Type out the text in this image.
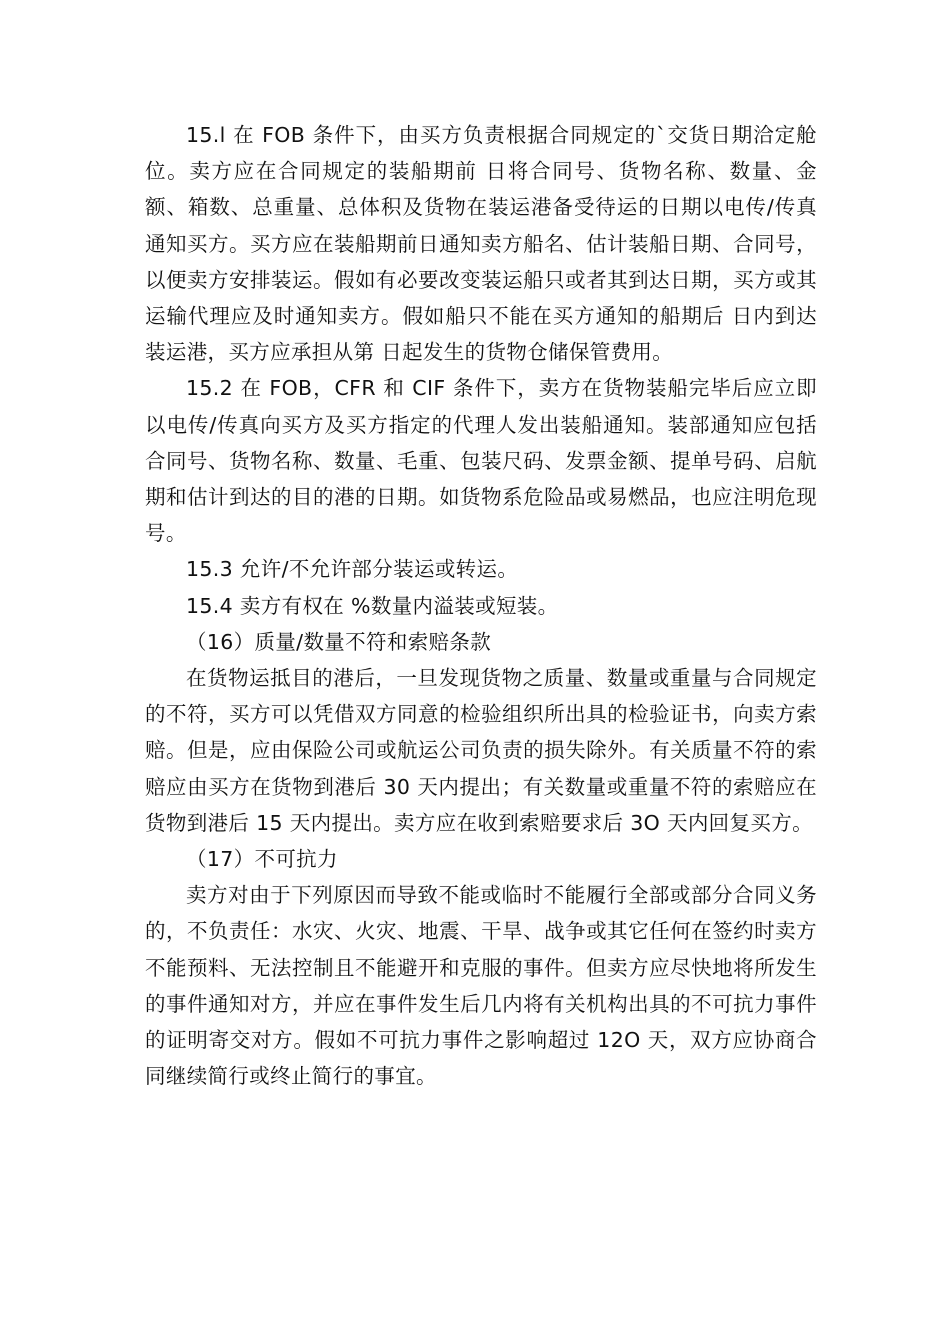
15.l 在 FOB 条件下，由买方负责根据合同规定的`交货日期洽定舱位。卖方应在合同规定的装船期前 日将合同号、货物名称、数量、金额、箱数、总重量、总体积及货物在装运港备受待运的日期以电传/传真通知买方。买方应在装船期前日通知卖方船名、估计装船日期、合同号，以便卖方安排装运。假如有必要改变装运船只或者其到达日期，买方或其运输代理应及时通知卖方。假如船只不能在买方通知的船期后 日内到达装运港，买方应承担从第 日起发生的货物仓储保管费用。

15.2 在 FOB，CFR 和 CIF 条件下，卖方在货物装船完毕后应立即以电传/传真向买方及买方指定的代理人发出装船通知。装部通知应包括合同号、货物名称、数量、毛重、包装尺码、发票金额、提单号码、启航期和估计到达的目的港的日期。如货物系危险品或易燃品，也应注明危现号。

15.3 允许/不允许部分装运或转运。

15.4 卖方有权在 %数量内溢装或短装。

（16）质量/数量不符和索赔条款

在货物运抵目的港后，一旦发现货物之质量、数量或重量与合同规定的不符，买方可以凭借双方同意的检验组织所出具的检验证书，向卖方索赔。但是，应由保险公司或航运公司负责的损失除外。有关质量不符的索赔应由买方在货物到港后 30 天内提出；有关数量或重量不符的索赔应在货物到港后 15 天内提出。卖方应在收到索赔要求后 3O 天内回复买方。

（17）不可抗力

卖方对由于下列原因而导致不能或临时不能履行全部或部分合同义务的，不负责任：水灾、火灾、地震、干旱、战争或其它任何在签约时卖方不能预料、无法控制且不能避开和克服的事件。但卖方应尽快地将所发生的事件通知对方，并应在事件发生后几内将有关机构出具的不可抗力事件的证明寄交对方。假如不可抗力事件之影响超过 12O 天，双方应协商合同继续简行或终止简行的事宜。
